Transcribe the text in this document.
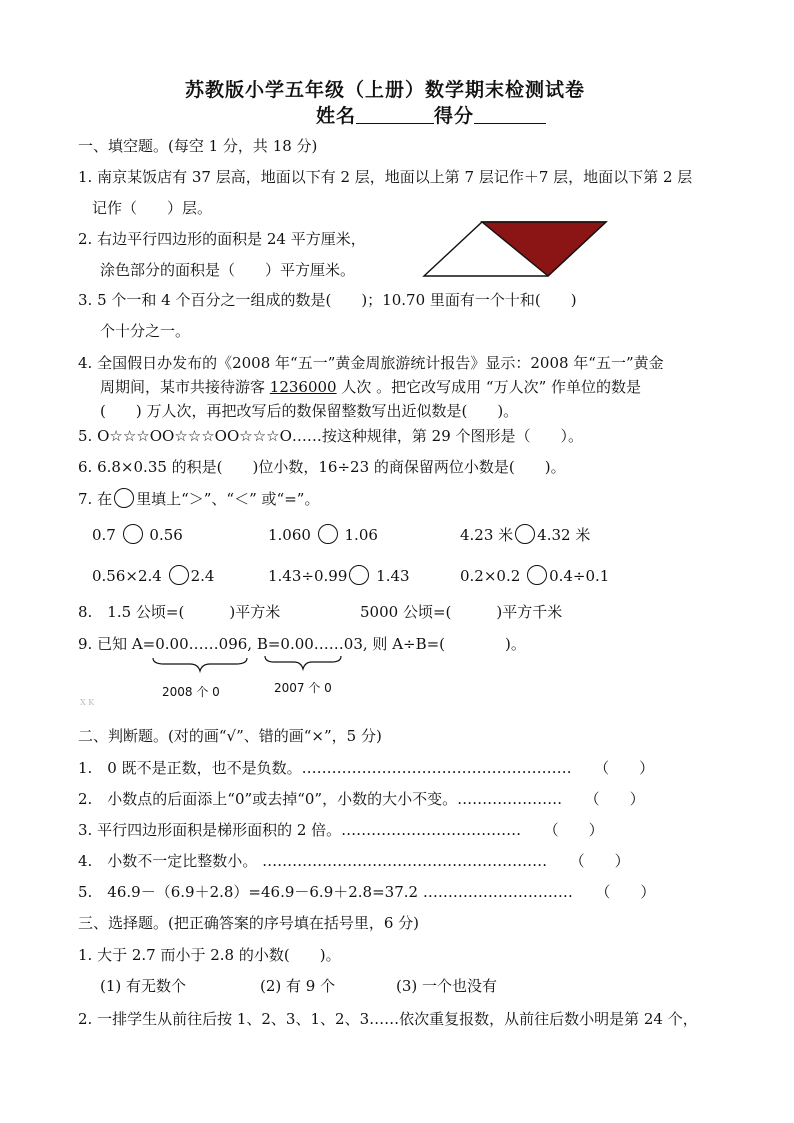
苏教版小学五年级（上册）数学期末检测试卷
姓名	得分
一、填空题。(每空 1 分，共 18 分)
1. 南京某饭店有 37 层高，地面以下有 2 层，地面以上第 7 层记作＋7 层，地面以下第 2 层
记作（　　）层。
2. 右边平行四边形的面积是 24 平方厘米，
涂色部分的面积是（　　）平方厘米。
3. 5 个一和 4 个百分之一组成的数是(　　)；10.70 里面有一个十和(　　)
个十分之一。
4. 全国假日办发布的《2008 年“五一”黄金周旅游统计报告》显示：2008 年“五一”黄金
周期间，某市共接待游客 1236000 人次 。把它改写成用 “万人次” 作单位的数是
(　　) 万人次，再把改写后的数保留整数写出近似数是(　　)。
5. O☆☆☆OO☆☆☆OO☆☆☆O……按这种规律，第 29 个图形是（　　）。
6. 6.8×0.35 的积是(　　)位小数，16÷23 的商保留两位小数是(　　)。
7. 在 里填上“＞”、“＜” 或“=”。
0.7 0.56	1.060 1.06	4.23 米 4.32 米
0.56×2.4 2.4	1.43÷0.99 1.43	0.2×0.2 0.4÷0.1
8.　1.5 公顷=(　　　)平方米	5000 公顷=(　　　)平方千米
9. 已知 A=0.00……096, B=0.00……03, 则 A÷B=(　　　　)。
2008 个 0	2007 个 0
X K
二、判断题。(对的画“√”、错的画“×”，5 分)
1.　0 既不是正数，也不是负数。………………………………………………　　（　　）
2.　小数点的后面添上“0”或去掉“0”，小数的大小不变。…………………　　（　　）
3. 平行四边形面积是梯形面积的 2 倍。………………………………　　（　　）
4.　小数不一定比整数小。 …………………………………………………　　（　　）
5.　46.9－（6.9＋2.8）=46.9－6.9＋2.8=37.2 …………………………　　（　　）
三、选择题。(把正确答案的序号填在括号里，6 分)
1. 大于 2.7 而小于 2.8 的小数(　　)。
(1) 有无数个	(2) 有 9 个	(3) 一个也没有
2. 一排学生从前往后按 1、2、3、1、2、3……依次重复报数，从前往后数小明是第 24 个，
